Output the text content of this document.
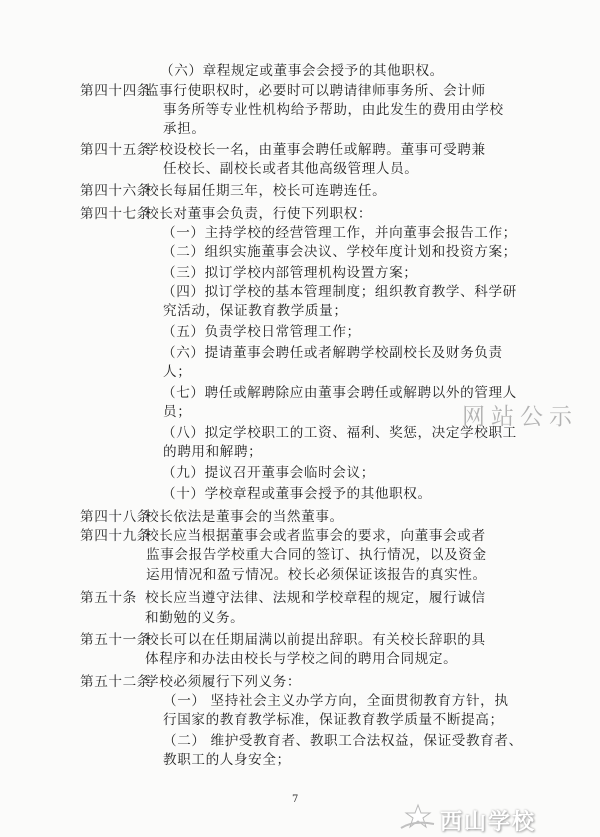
（六）章程规定或董事会会授予的其他职权。
第四十四条
监事行使职权时，必要时可以聘请律师事务所、会计师
事务所等专业性机构给予帮助，由此发生的费用由学校
承担。
第四十五条
学校设校长一名，由董事会聘任或解聘。董事可受聘兼
任校长、副校长或者其他高级管理人员。
第四十六条
校长每届任期三年，校长可连聘连任。
第四十七条
校长对董事会负责，行使下列职权：
（一）主持学校的经营管理工作，并向董事会报告工作；
（二）组织实施董事会决议、学校年度计划和投资方案；
（三）拟订学校内部管理机构设置方案；
（四）拟订学校的基本管理制度；组织教育教学、科学研
究活动，保证教育教学质量；
（五）负责学校日常管理工作；
（六）提请董事会聘任或者解聘学校副校长及财务负责
人；
（七）聘任或解聘除应由董事会聘任或解聘以外的管理人
员；
（八）拟定学校职工的工资、福利、奖惩，决定学校职工
的聘用和解聘；
（九）提议召开董事会临时会议；
（十）学校章程或董事会授予的其他职权。
第四十八条
校长依法是董事会的当然董事。
第四十九条
校长应当根据董事会或者监事会的要求，向董事会或者
监事会报告学校重大合同的签订、执行情况，以及资金
运用情况和盈亏情况。校长必须保证该报告的真实性。
第五十条 校长应当遵守法律、法规和学校章程的规定，履行诚信
和勤勉的义务。
第五十一条
校长可以在任期届满以前提出辞职。有关校长辞职的具
体程序和办法由校长与学校之间的聘用合同规定。
第五十二条
学校必须履行下列义务：
（一） 坚持社会主义办学方向，全面贯彻教育方针，执
行国家的教育教学标准，保证教育教学质量不断提高；
（二） 维护受教育者、教职工合法权益，保证受教育者、
教职工的人身安全；
网站公示
7
西山学校
